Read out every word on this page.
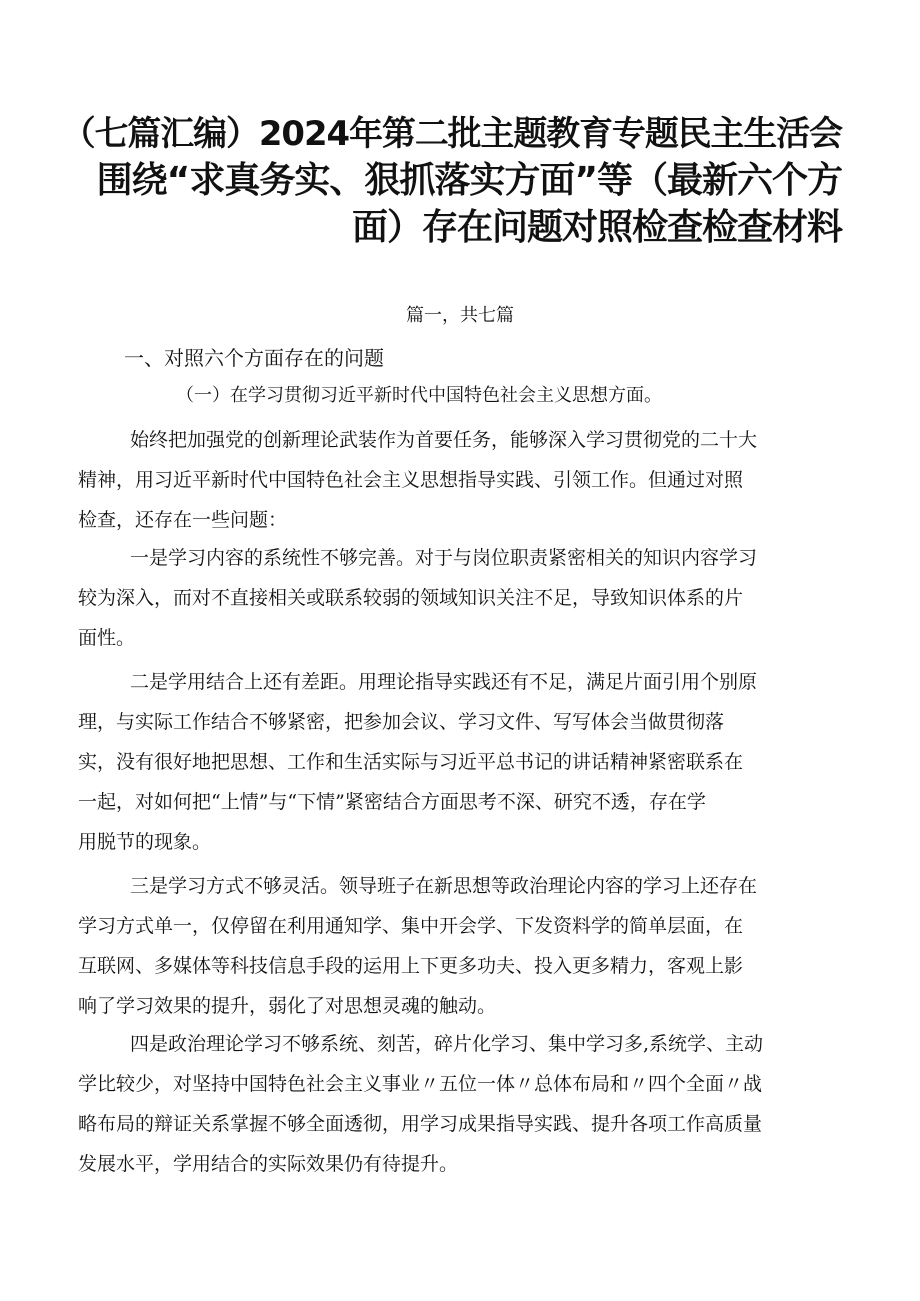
（七篇汇编）2024年第二批主题教育专题民主生活会
围绕“求真务实、狠抓落实方面”等（最新六个方
面）存在问题对照检查检查材料
篇一，共七篇
一、对照六个方面存在的问题
（一）在学习贯彻习近平新时代中国特色社会主义思想方面。
始终把加强党的创新理论武装作为首要任务，能够深入学习贯彻党的二十大
精神，用习近平新时代中国特色社会主义思想指导实践、引领工作。但通过对照
检查，还存在一些问题：
一是学习内容的系统性不够完善。对于与岗位职责紧密相关的知识内容学习
较为深入，而对不直接相关或联系较弱的领域知识关注不足，导致知识体系的片
面性。
二是学用结合上还有差距。用理论指导实践还有不足，满足片面引用个别原
理，与实际工作结合不够紧密，把参加会议、学习文件、写写体会当做贯彻落
实，没有很好地把思想、工作和生活实际与习近平总书记的讲话精神紧密联系在
一起，对如何把“上情”与“下情”紧密结合方面思考不深、研究不透，存在学
用脱节的现象。
三是学习方式不够灵活。领导班子在新思想等政治理论内容的学习上还存在
学习方式单一，仅停留在利用通知学、集中开会学、下发资料学的简单层面，在
互联网、多媒体等科技信息手段的运用上下更多功夫、投入更多精力，客观上影
响了学习效果的提升，弱化了对思想灵魂的触动。
四是政治理论学习不够系统、刻苦，碎片化学习、集中学习多,系统学、主动
学比较少，对坚持中国特色社会主义事业〃五位一体〃总体布局和〃四个全面〃战
略布局的辩证关系掌握不够全面透彻，用学习成果指导实践、提升各项工作高质量
发展水平，学用结合的实际效果仍有待提升。
